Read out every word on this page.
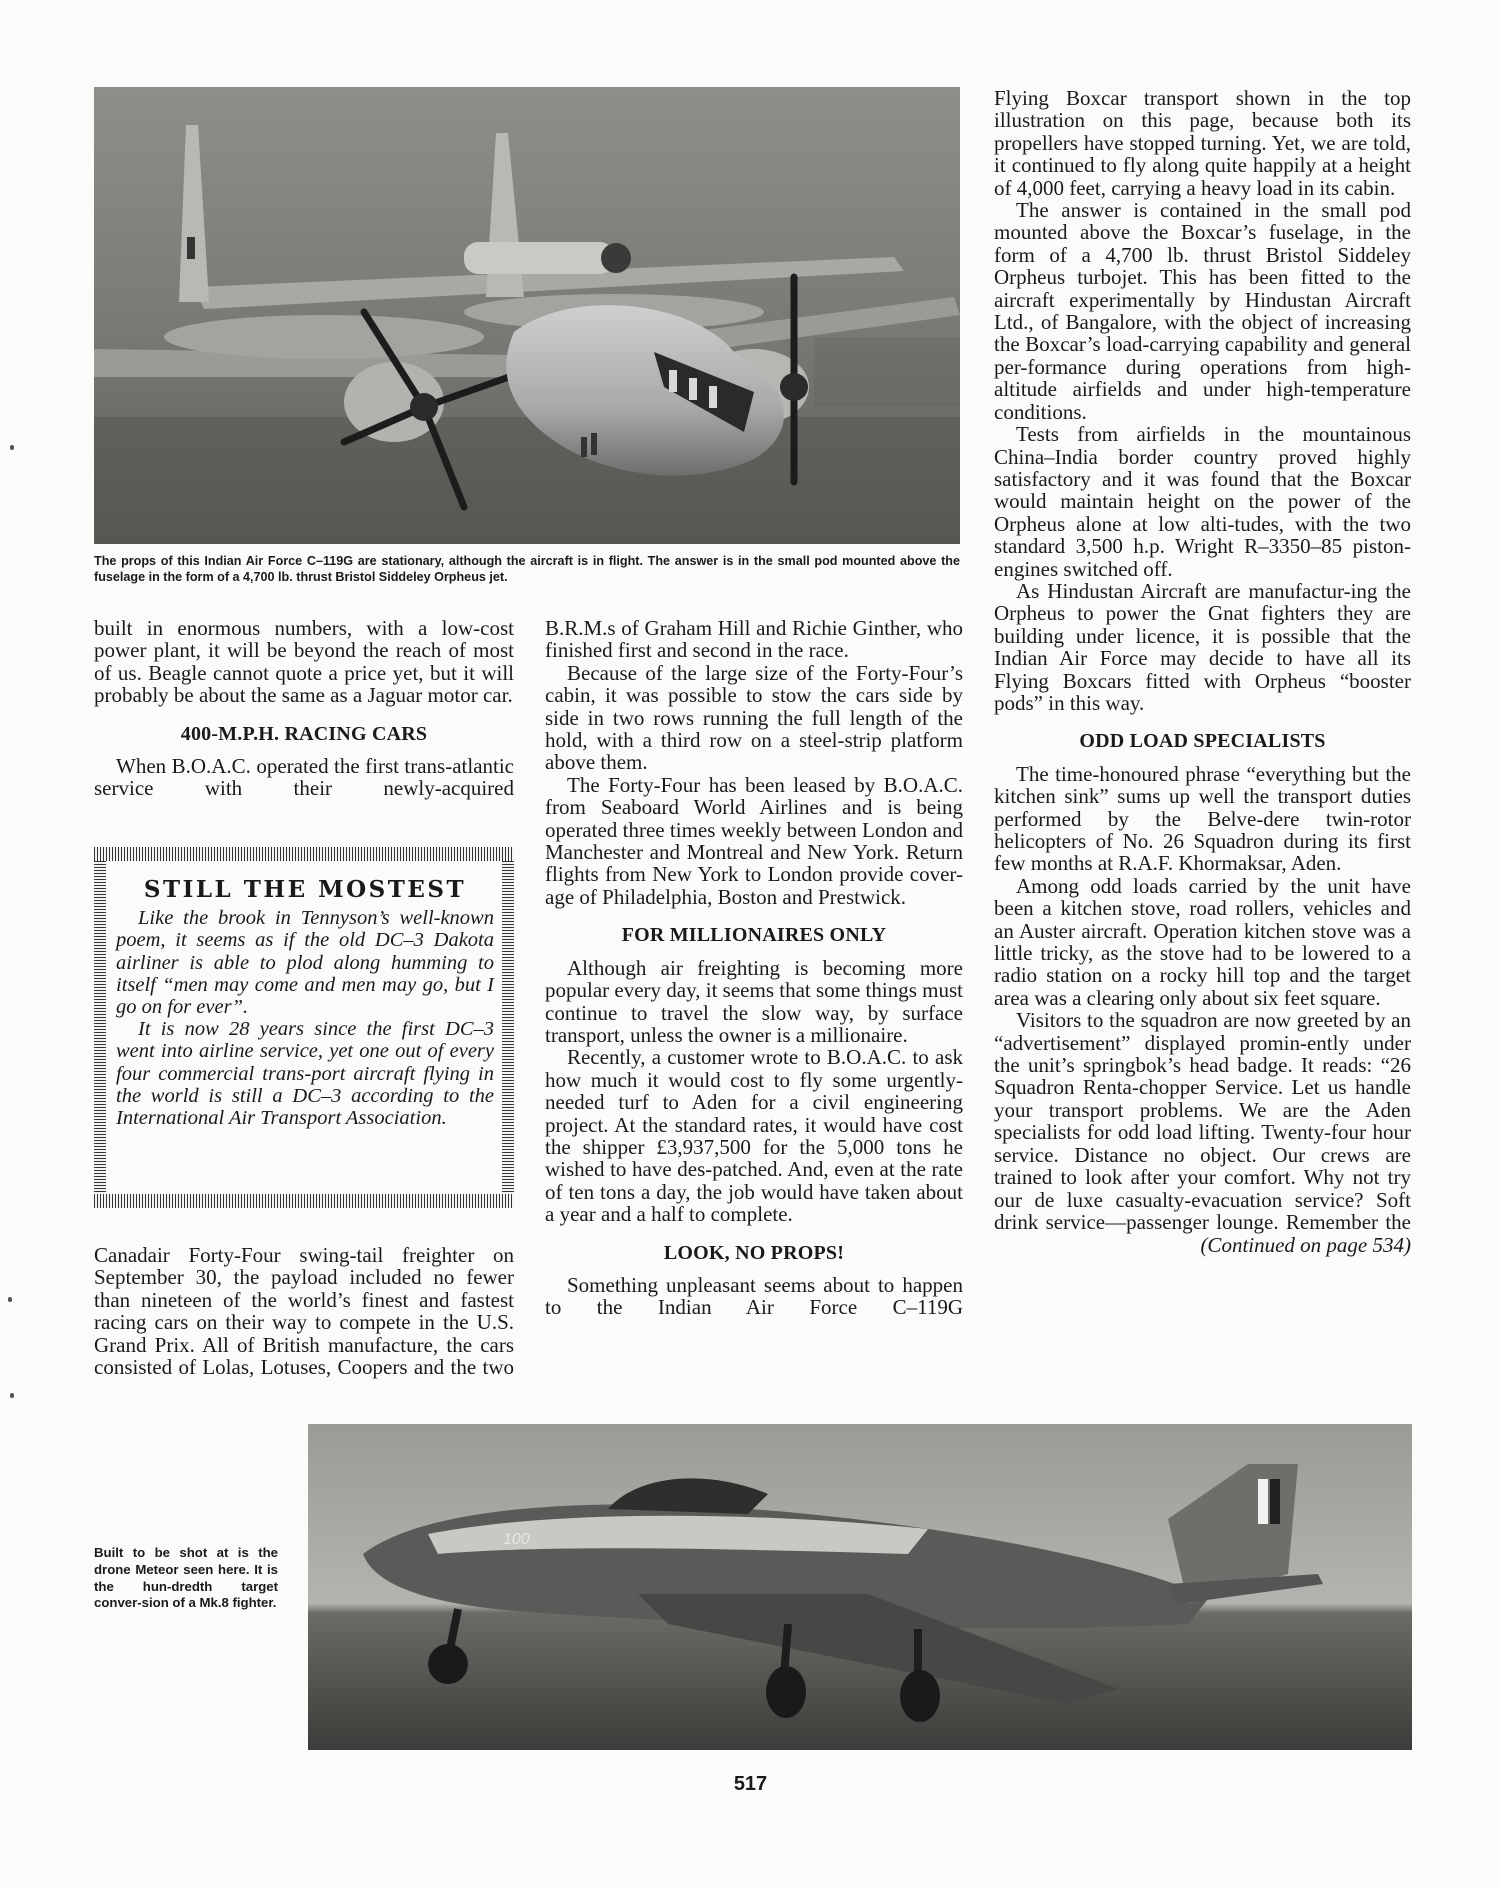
The props of this Indian Air Force C–119G are stationary, although the aircraft is in flight. The answer is in the small pod mounted above the fuselage in the form of a 4,700 lb. thrust Bristol Siddeley Orpheus jet.

built in enormous numbers, with a low-cost power plant, it will be beyond the reach of most of us. Beagle cannot quote a price yet, but it will probably be about the same as a Jaguar motor car.

400-M.P.H. RACING CARS

When B.O.A.C. operated the first trans-atlantic service with their newly-acquired

STILL THE MOSTEST

Like the brook in Tennyson’s well-known poem, it seems as if the old DC–3 Dakota airliner is able to plod along humming to itself “men may come and men may go, but I go on for ever”.

It is now 28 years since the first DC–3 went into airline service, yet one out of every four commercial trans-port aircraft flying in the world is still a DC–3 according to the International Air Transport Association.

Canadair Forty-Four swing-tail freighter on September 30, the payload included no fewer than nineteen of the world’s finest and fastest racing cars on their way to compete in the U.S. Grand Prix. All of British manufacture, the cars consisted of Lolas, Lotuses, Coopers and the two

B.R.M.s of Graham Hill and Richie Ginther, who finished first and second in the race.

Because of the large size of the Forty-Four’s cabin, it was possible to stow the cars side by side in two rows running the full length of the hold, with a third row on a steel-strip platform above them.

The Forty-Four has been leased by B.O.A.C. from Seaboard World Airlines and is being operated three times weekly between London and Manchester and Montreal and New York. Return flights from New York to London provide cover-age of Philadelphia, Boston and Prestwick.

FOR MILLIONAIRES ONLY

Although air freighting is becoming more popular every day, it seems that some things must continue to travel the slow way, by surface transport, unless the owner is a millionaire.

Recently, a customer wrote to B.O.A.C. to ask how much it would cost to fly some urgently-needed turf to Aden for a civil engineering project. At the standard rates, it would have cost the shipper £3,937,500 for the 5,000 tons he wished to have des-patched. And, even at the rate of ten tons a day, the job would have taken about a year and a half to complete.

LOOK, NO PROPS!

Something unpleasant seems about to happen to the Indian Air Force C–119G

Flying Boxcar transport shown in the top illustration on this page, because both its propellers have stopped turning. Yet, we are told, it continued to fly along quite happily at a height of 4,000 feet, carrying a heavy load in its cabin.

The answer is contained in the small pod mounted above the Boxcar’s fuselage, in the form of a 4,700 lb. thrust Bristol Siddeley Orpheus turbojet. This has been fitted to the aircraft experimentally by Hindustan Aircraft Ltd., of Bangalore, with the object of increasing the Boxcar’s load-carrying capability and general per-formance during operations from high-altitude airfields and under high-temperature conditions.

Tests from airfields in the mountainous China–India border country proved highly satisfactory and it was found that the Boxcar would maintain height on the power of the Orpheus alone at low alti-tudes, with the two standard 3,500 h.p. Wright R–3350–85 piston-engines switched off.

As Hindustan Aircraft are manufactur-ing the Orpheus to power the Gnat fighters they are building under licence, it is possible that the Indian Air Force may decide to have all its Flying Boxcars fitted with Orpheus “booster pods” in this way.

ODD LOAD SPECIALISTS

The time-honoured phrase “everything but the kitchen sink” sums up well the transport duties performed by the Belve-dere twin-rotor helicopters of No. 26 Squadron during its first few months at R.A.F. Khormaksar, Aden.

Among odd loads carried by the unit have been a kitchen stove, road rollers, vehicles and an Auster aircraft. Operation kitchen stove was a little tricky, as the stove had to be lowered to a radio station on a rocky hill top and the target area was a clearing only about six feet square.

Visitors to the squadron are now greeted by an “advertisement” displayed promin-ently under the unit’s springbok’s head badge. It reads: “26 Squadron Renta-chopper Service. Let us handle your transport problems. We are the Aden specialists for odd load lifting. Twenty-four hour service. Distance no object. Our crews are trained to look after your comfort. Why not try our de luxe casualty-evacuation service? Soft drink service—passenger lounge. Remember the

(Continued on page 534)
100
Built to be shot at is the drone Meteor seen here. It is the hun-dredth target conver-sion of a Mk.8 fighter.
517
